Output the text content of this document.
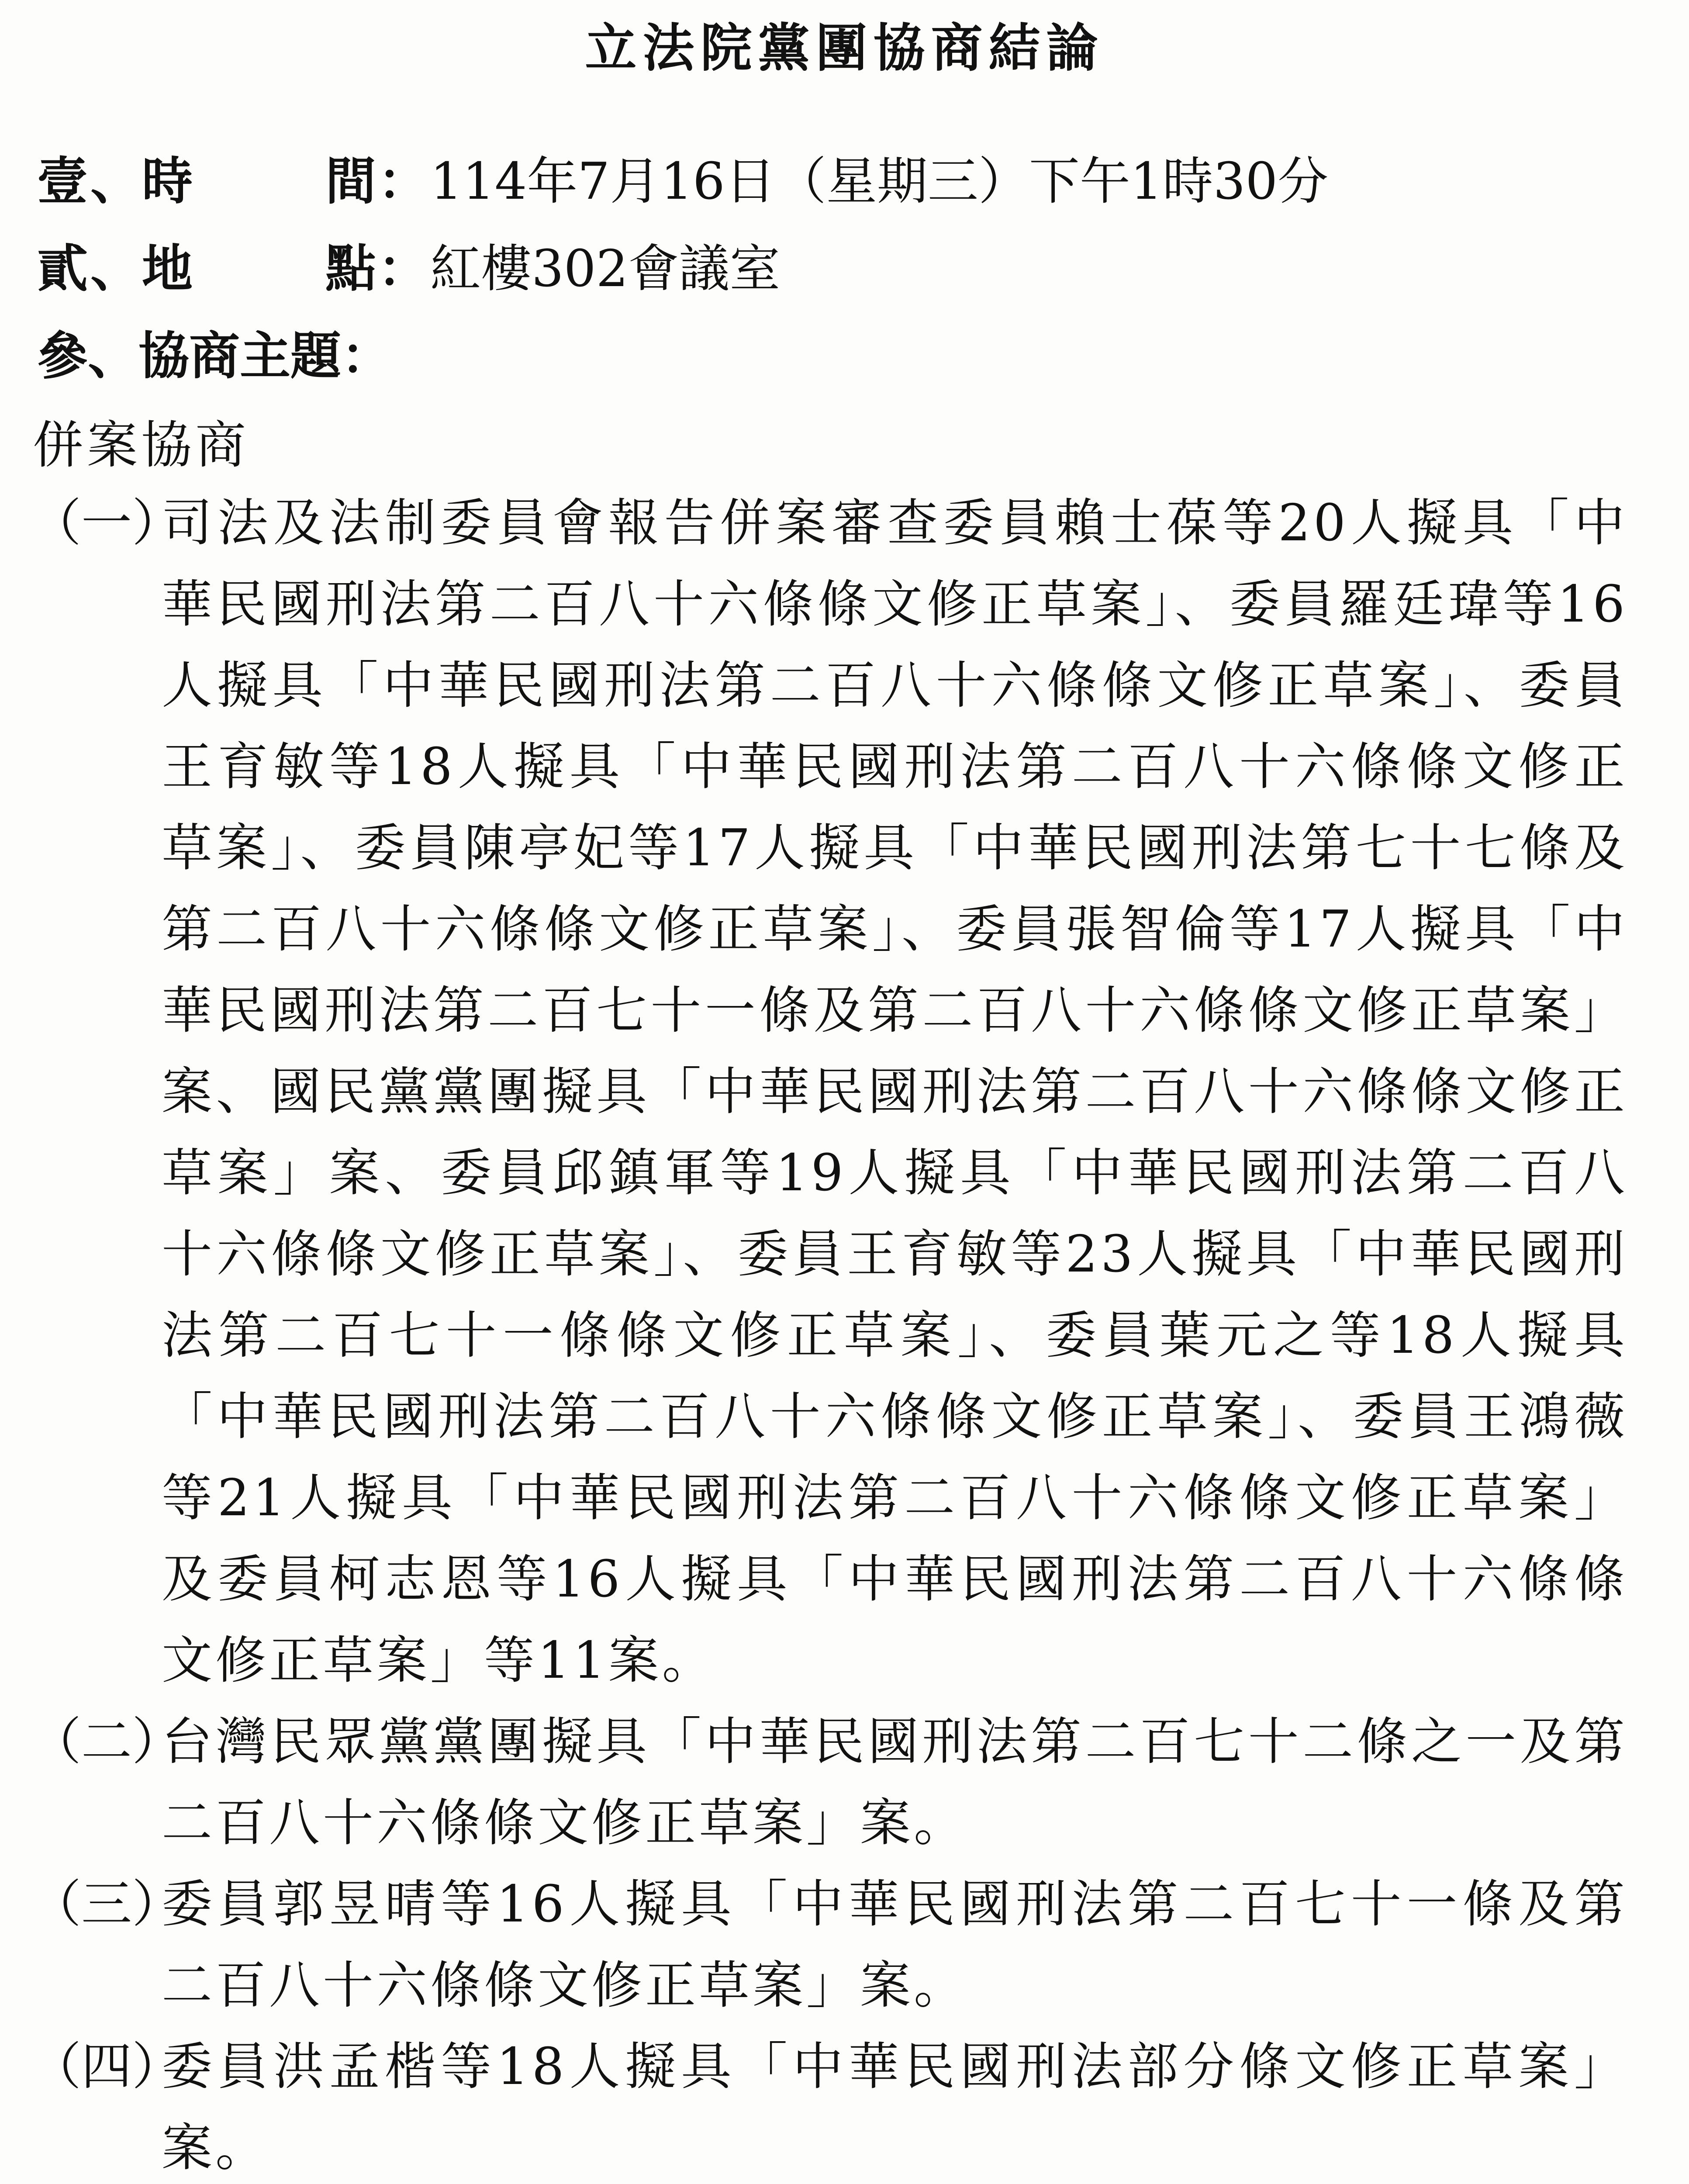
立法院黨團協商結論
壹、時	間：114年7月16日（星期三）下午1時30分
貳、地	點：紅樓302會議室
參、協商主題：
併案協商
（一）
司法及法制委員會報告併案審查委員賴士葆等20人擬具「中華民國刑法第二百八十六條條文修正草案」、委員羅廷瑋等16人擬具「中華民國刑法第二百八十六條條文修正草案」、委員王育敏等18人擬具「中華民國刑法第二百八十六條條文修正草案」、委員陳亭妃等17人擬具「中華民國刑法第七十七條及第二百八十六條條文修正草案」、委員張智倫等17人擬具「中華民國刑法第二百七十一條及第二百八十六條條文修正草案」案、國民黨黨團擬具「中華民國刑法第二百八十六條條文修正草案」案、委員邱鎮軍等19人擬具「中華民國刑法第二百八十六條條文修正草案」、委員王育敏等23人擬具「中華民國刑法第二百七十一條條文修正草案」、委員葉元之等18人擬具「中華民國刑法第二百八十六條條文修正草案」、委員王鴻薇等21人擬具「中華民國刑法第二百八十六條條文修正草案」及委員柯志恩等16人擬具「中華民國刑法第二百八十六條條文修正草案」等11案。
（二）
台灣民眾黨黨團擬具「中華民國刑法第二百七十二條之一及第二百八十六條條文修正草案」案。
（三）
委員郭昱晴等16人擬具「中華民國刑法第二百七十一條及第二百八十六條條文修正草案」案。
（四）
委員洪孟楷等18人擬具「中華民國刑法部分條文修正草案」案。
